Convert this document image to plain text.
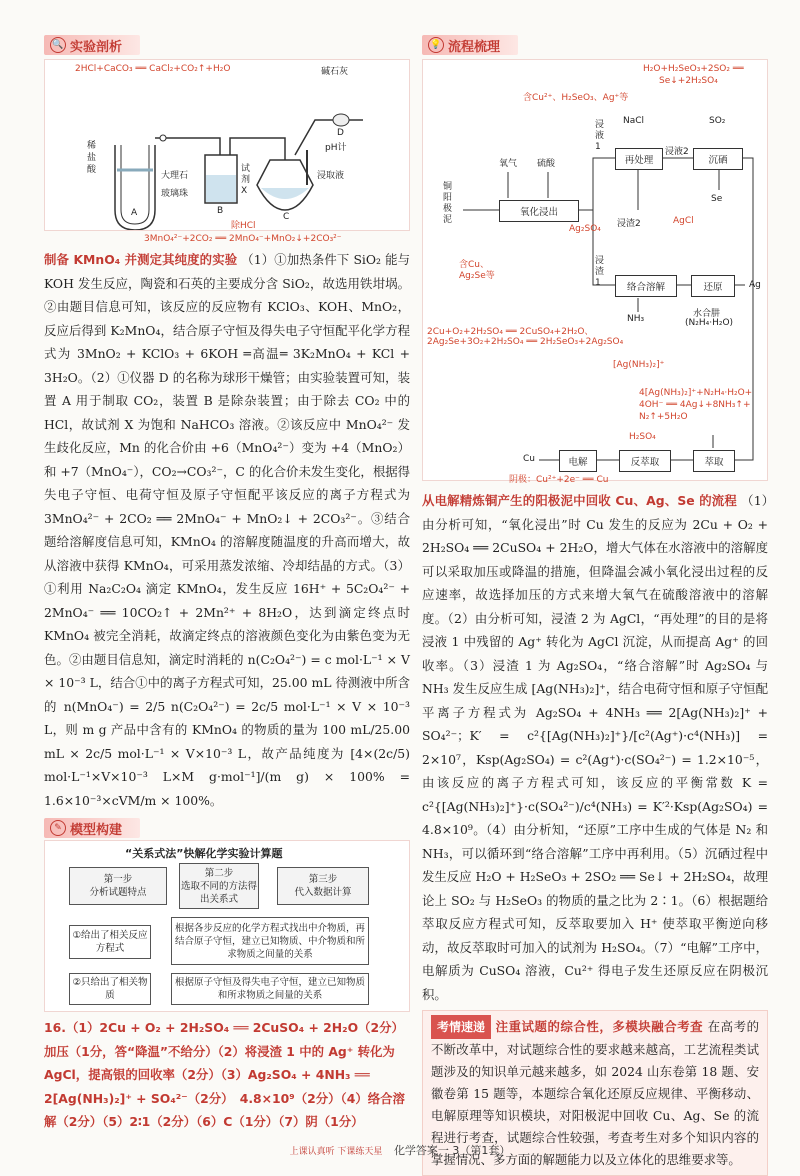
🔍 实验剖析
2HCl+CaCO₃ ══ CaCl₂+CO₂↑+H₂O	碱石灰
稀
盐
酸
大理石
玻璃珠
试剂X
pH计
浸取液
A	B
C
D
除HCl
3MnO₄²⁻+2CO₂ ══ 2MnO₄⁻+MnO₂↓+2CO₃²⁻

制备 KMnO₄ 并测定其纯度的实验 （1）①加热条件下 SiO₂ 能与 KOH 发生反应，陶瓷和石英的主要成分含 SiO₂，故选用铁坩埚。②由题目信息可知，该反应的反应物有 KClO₃、KOH、MnO₂，反应后得到 K₂MnO₄，结合原子守恒及得失电子守恒配平化学方程式为 3MnO₂ + KClO₃ + 6KOH ═高温═ 3K₂MnO₄ + KCl + 3H₂O。（2）①仪器 D 的名称为球形干燥管；由实验装置可知，装置 A 用于制取 CO₂，装置 B 是除杂装置；由于除去 CO₂ 中的 HCl，故试剂 X 为饱和 NaHCO₃ 溶液。②该反应中 MnO₄²⁻ 发生歧化反应，Mn 的化合价由 +6（MnO₄²⁻）变为 +4（MnO₂）和 +7（MnO₄⁻），CO₂→CO₃²⁻，C 的化合价未发生变化，根据得失电子守恒、电荷守恒及原子守恒配平该反应的离子方程式为 3MnO₄²⁻ + 2CO₂ ══ 2MnO₄⁻ + MnO₂↓ + 2CO₃²⁻。③结合题给溶解度信息可知，KMnO₄ 的溶解度随温度的升高而增大，故从溶液中获得 KMnO₄，可采用蒸发浓缩、冷却结晶的方式。（3）①利用 Na₂C₂O₄ 滴定 KMnO₄，发生反应 16H⁺ + 5C₂O₄²⁻ + 2MnO₄⁻ ══ 10CO₂↑ + 2Mn²⁺ + 8H₂O，达到滴定终点时 KMnO₄ 被完全消耗，故滴定终点的溶液颜色变化为由紫色变为无色。②由题目信息知，滴定时消耗的 n(C₂O₄²⁻) = c mol·L⁻¹ × V × 10⁻³ L，结合①中的离子方程式可知，25.00 mL 待测液中所含的 n(MnO₄⁻) = 2/5 n(C₂O₄²⁻) = 2c/5 mol·L⁻¹ × V × 10⁻³ L，则 m g 产品中含有的 KMnO₄ 的物质的量为 100 mL/25.00 mL × 2c/5 mol·L⁻¹ × V×10⁻³ L，故产品纯度为 [4×(2c/5) mol·L⁻¹×V×10⁻³ L×M g·mol⁻¹]/(m g) × 100% = 1.6×10⁻³×cVM/m × 100%。

✎ 模型构建
“关系式法”快解化学实验计算题
第一步
分析试题特点
第二步
选取不同的方法得出关系式
第三步
代入数据计算
①给出了相关反应方程式
根据各步反应的化学方程式找出中介物质，再结合原子守恒，建立已知物质、中介物质和所求物质之间量的关系
②只给出了相关物质
根据原子守恒及得失电子守恒，建立已知物质和所求物质之间量的关系

16.（1）2Cu + O₂ + 2H₂SO₄ ══ 2CuSO₄ + 2H₂O（2分）　加压（1分，答“降温”不给分）（2）将浸渣 1 中的 Ag⁺ 转化为 AgCl，提高银的回收率（2分）（3）Ag₂SO₄ + 4NH₃ ══ 2[Ag(NH₃)₂]⁺ + SO₄²⁻（2分）　4.8×10⁹（2分）（4）络合溶解（2分）（5）2∶1（2分）（6）C（1分）（7）阴（1分）

💡 流程梳理
H₂O+H₂SeO₃+2SO₂ ══
Se↓+2H₂SO₄
含Cu²⁺、H₂SeO₃、Ag⁺等
NaCl	SO₂
氧气 硫酸
铜阳极泥
氧化浸出
浸液1
再处理
浸液2
沉硒
Se
Ag₂SO₄ 浸渣2	AgCl
浸渣1	络合溶解	还原	Ag
含Cu、Ag₂Se等
NH₃	水合肼
(N₂H₄·H₂O)
2Cu+O₂+2H₂SO₄ ══ 2CuSO₄+2H₂O、
2Ag₂Se+3O₂+2H₂SO₄ ══ 2H₂SeO₃+2Ag₂SO₄
[Ag(NH₃)₂]⁺
4[Ag(NH₃)₂]⁺+N₂H₄·H₂O+
4OH⁻ ══ 4Ag↓+8NH₃↑+
N₂↑+5H₂O
H₂SO₄
Cu	电解	反萃取	萃取
阴极：Cu²⁺+2e⁻ ══ Cu

从电解精炼铜产生的阳极泥中回收 Cu、Ag、Se 的流程 （1）由分析可知，“氧化浸出”时 Cu 发生的反应为 2Cu + O₂ + 2H₂SO₄ ══ 2CuSO₄ + 2H₂O，增大气体在水溶液中的溶解度可以采取加压或降温的措施，但降温会减小氧化浸出过程的反应速率，故选择加压的方式来增大氧气在硫酸溶液中的溶解度。（2）由分析可知，浸渣 2 为 AgCl，“再处理”的目的是将浸液 1 中残留的 Ag⁺ 转化为 AgCl 沉淀，从而提高 Ag⁺ 的回收率。（3）浸渣 1 为 Ag₂SO₄，“络合溶解”时 Ag₂SO₄ 与 NH₃ 发生反应生成 [Ag(NH₃)₂]⁺，结合电荷守恒和原子守恒配平离子方程式为 Ag₂SO₄ + 4NH₃ ══ 2[Ag(NH₃)₂]⁺ + SO₄²⁻；K′ = c²{[Ag(NH₃)₂]⁺}/[c²(Ag⁺)·c⁴(NH₃)] = 2×10⁷，Ksp(Ag₂SO₄) = c²(Ag⁺)·c(SO₄²⁻) = 1.2×10⁻⁵，由该反应的离子方程式可知，该反应的平衡常数 K = c²{[Ag(NH₃)₂]⁺}·c(SO₄²⁻)/c⁴(NH₃) = K′²·Ksp(Ag₂SO₄) = 4.8×10⁹。（4）由分析知，“还原”工序中生成的气体是 N₂ 和 NH₃，可以循环到“络合溶解”工序中再利用。（5）沉硒过程中发生反应 H₂O + H₂SeO₃ + 2SO₂ ══ Se↓ + 2H₂SO₄，故理论上 SO₂ 与 H₂SeO₃ 的物质的量之比为 2∶1。（6）根据题给萃取反应方程式可知，反萃取要加入 H⁺ 使萃取平衡逆向移动，故反萃取时可加入的试剂为 H₂SO₄。（7）“电解”工序中，电解质为 CuSO₄ 溶液，Cu²⁺ 得电子发生还原反应在阴极沉积。

考情速递 注重试题的综合性，多模块融合考查 在高考的不断改革中，对试题综合性的要求越来越高，工艺流程类试题涉及的知识单元越来越多，如 2024 山东卷第 18 题、安徽卷第 15 题等，本题综合氧化还原反应规律、平衡移动、电解原理等知识模块，对阳极泥中回收 Cu、Ag、Se 的流程进行考查，试题综合性较强，考查考生对多个知识内容的掌握情况、多方面的解题能力以及立体化的思维要求等。

上课认真听 下课练天星 化学答案一 3（第1套）
